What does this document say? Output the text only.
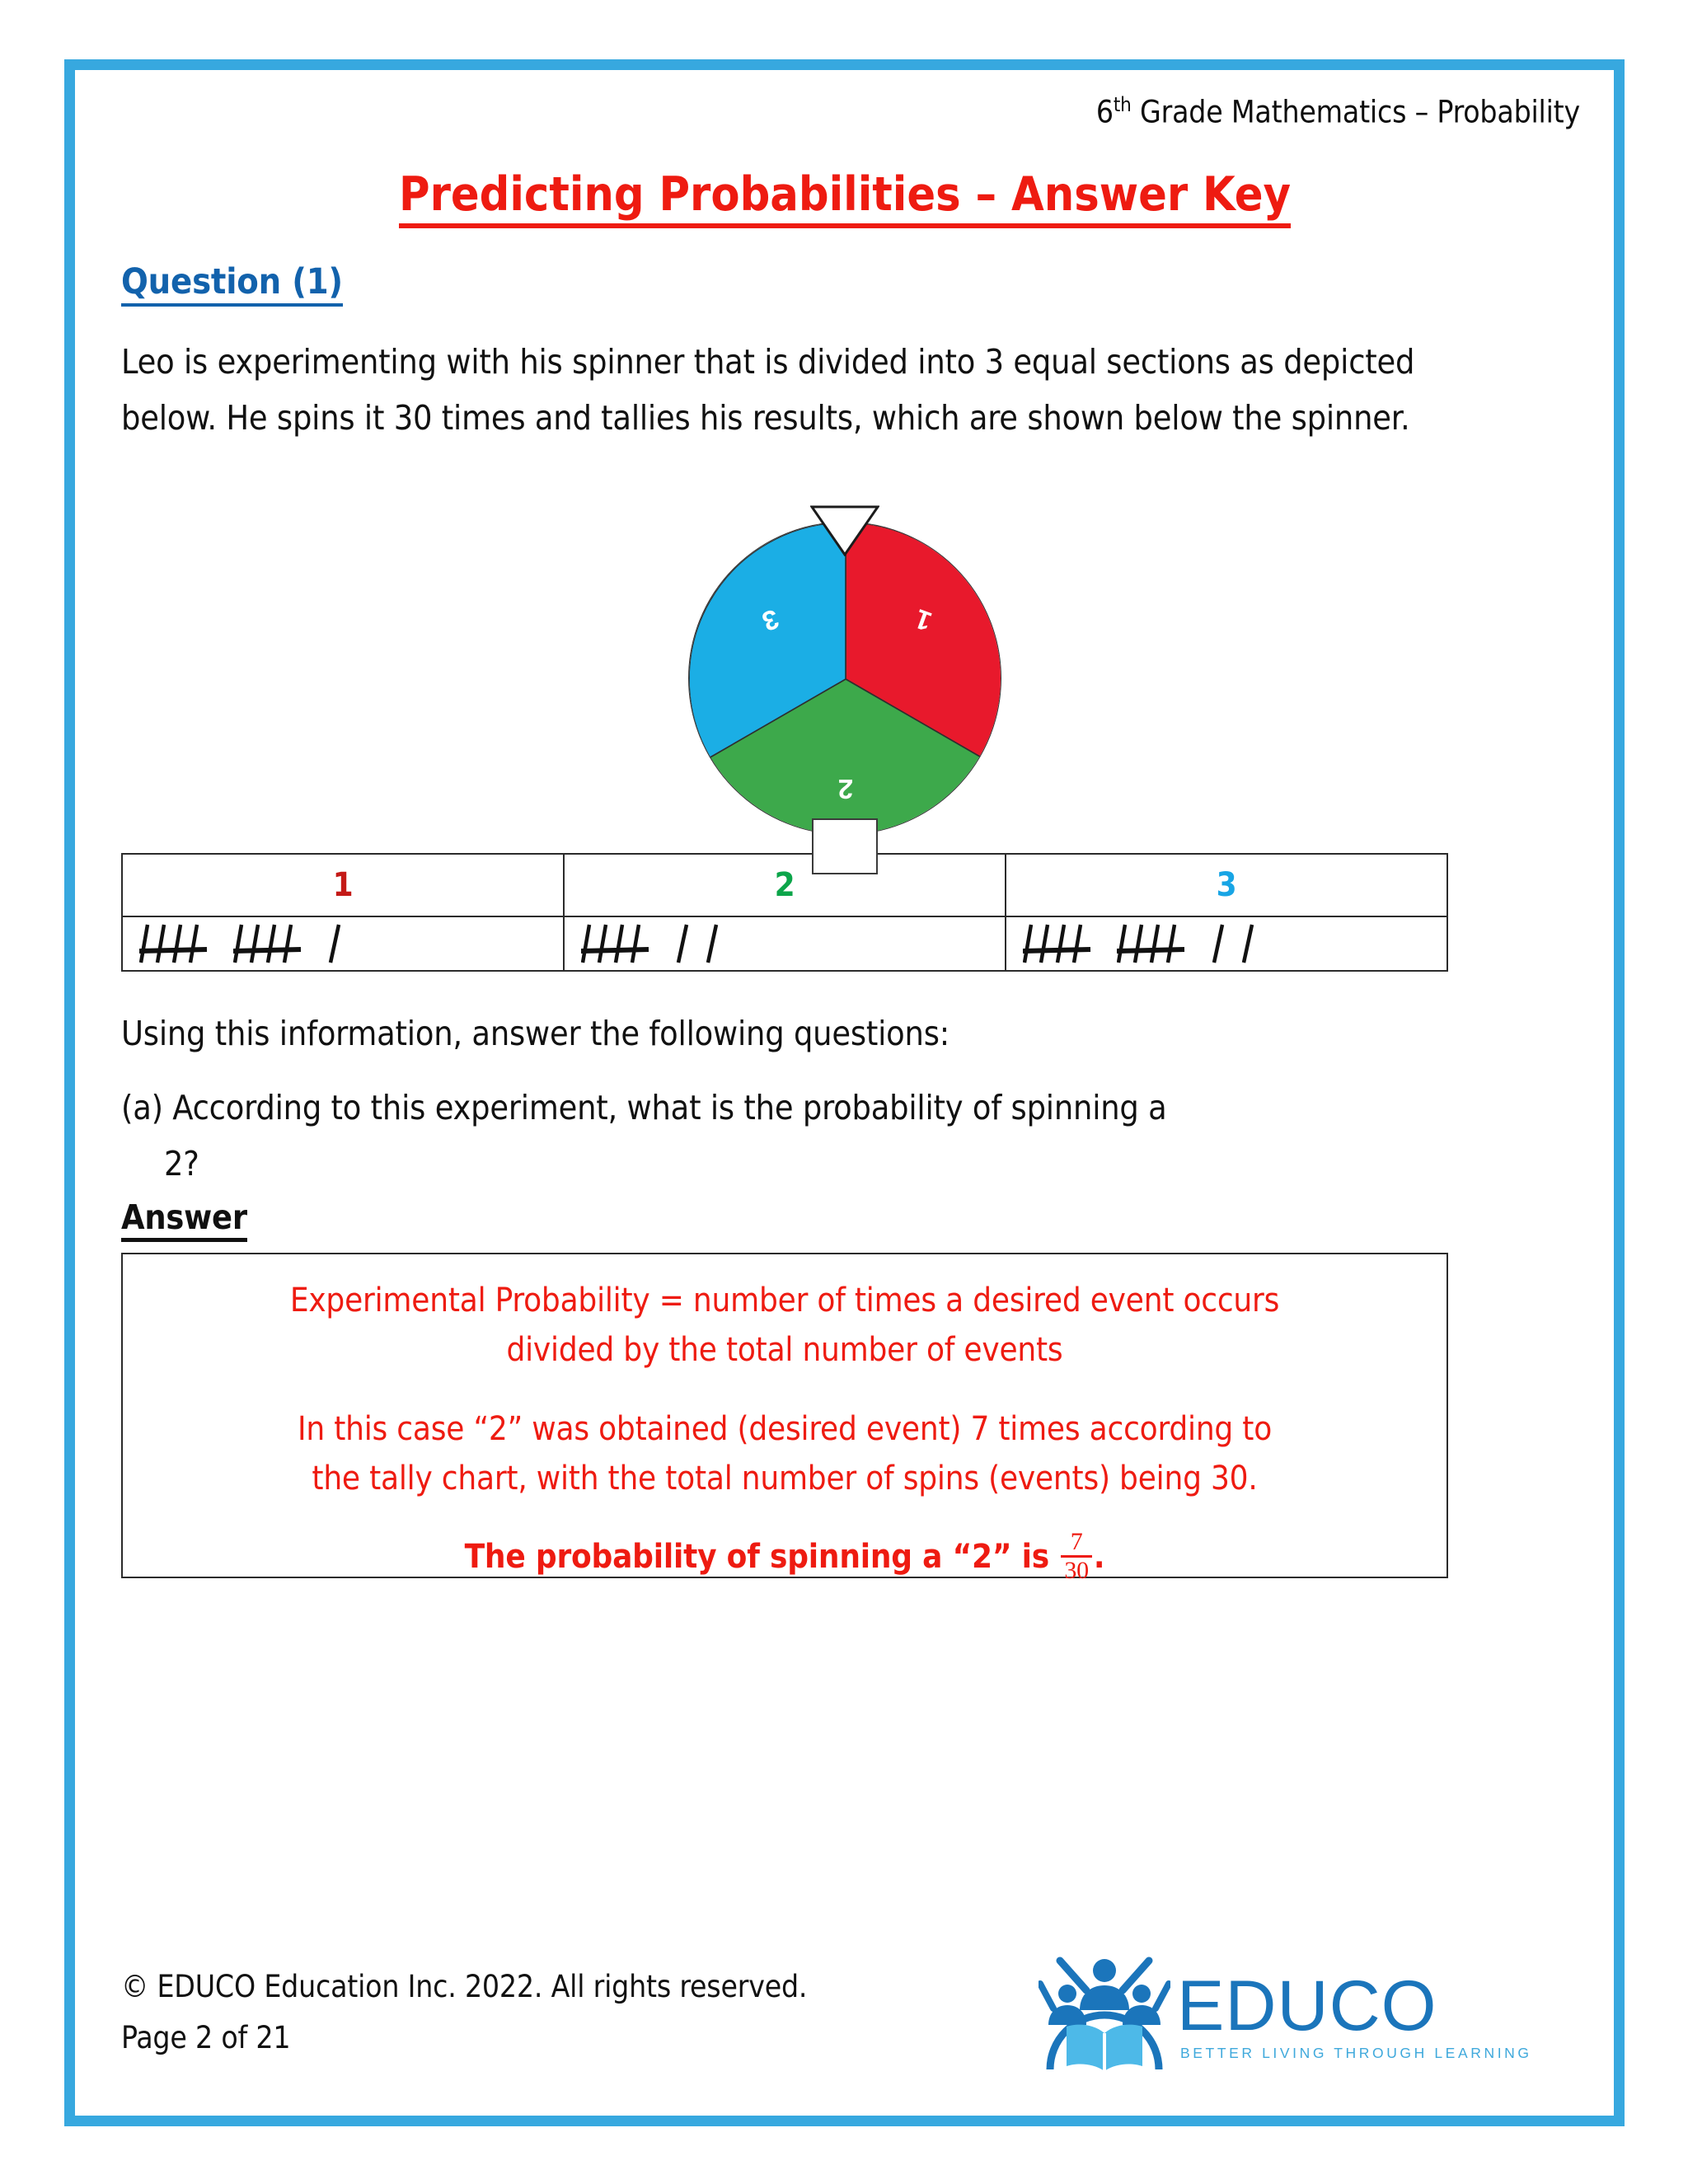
6th Grade Mathematics – Probability
Predicting Probabilities – Answer Key
Question (1)
Leo is experimenting with his spinner that is divided into 3 equal sections as depicted below. He spins it 30 times and tallies his results, which are shown below the spinner.
1
2
3
1	2	3

Using this information, answer the following questions:
(a) According to this experiment, what is the probability of spinning a
2?
Answer

Experimental Probability = number of times a desired event occurs

divided by the total number of events

In this case “2” was obtained (desired event) 7 times according to

the tally chart, with the total number of spins (events) being 30.

The probability of spinning a “2” is $\frac{7}{30}$ .
© EDUCO Education Inc. 2022. All rights reserved.
Page 2 of 21	EDUCO
BETTER LIVING THROUGH LEARNING
